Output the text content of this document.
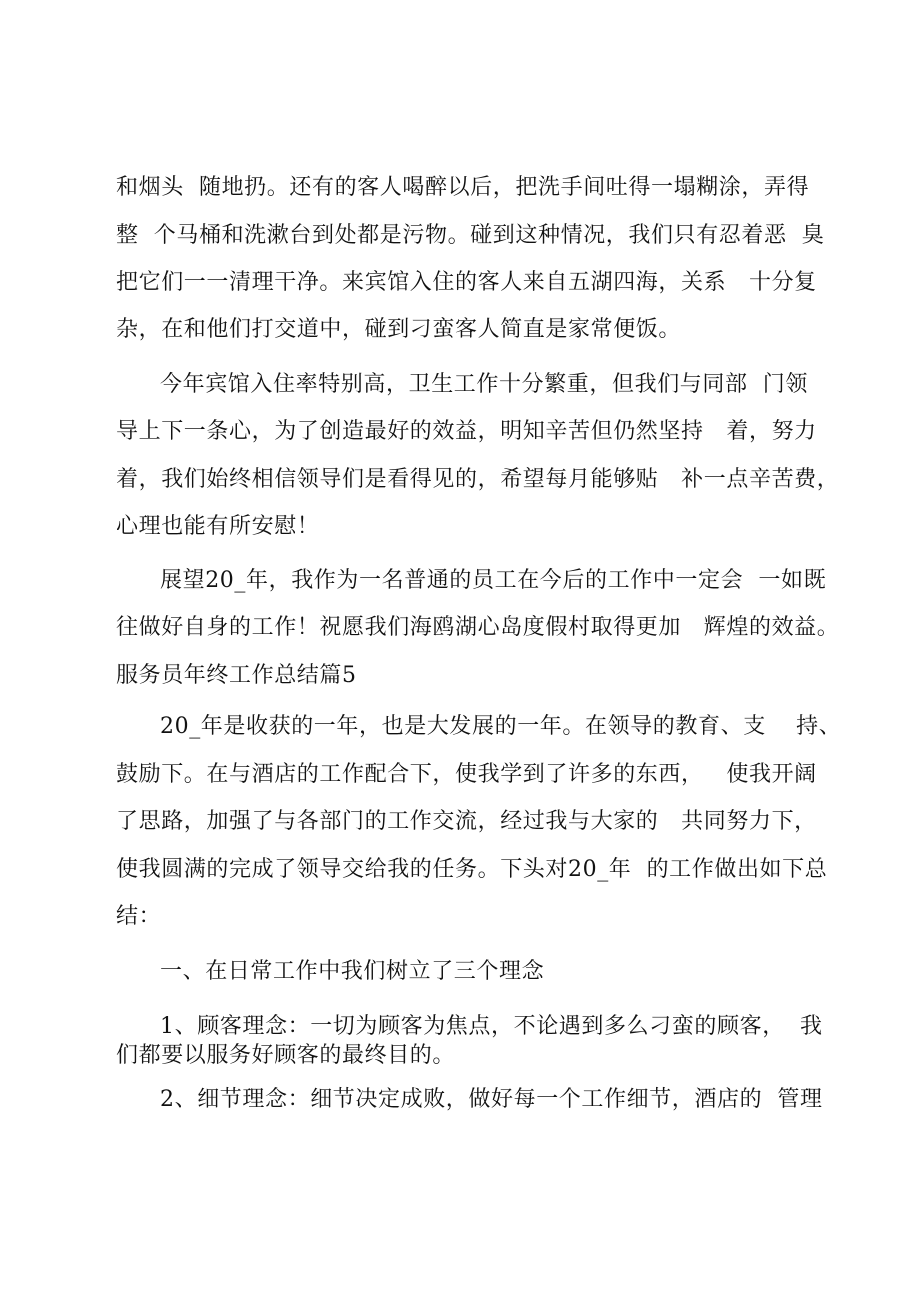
和烟头  随地扔。还有的客人喝醉以后，把洗手间吐得一塌糊涂，弄得
整  个马桶和洗漱台到处都是污物。碰到这种情况，我们只有忍着恶  臭
把它们一一清理干净。来宾馆入住的客人来自五湖四海，关系   十分复
杂，在和他们打交道中，碰到刁蛮客人简直是家常便饭。
今年宾馆入住率特别高，卫生工作十分繁重，但我们与同部  门领
导上下一条心，为了创造最好的效益，明知辛苦但仍然坚持   着，努力
着，我们始终相信领导们是看得见的，希望每月能够贴   补一点辛苦费，
心理也能有所安慰！
展望20_年，我作为一名普通的员工在今后的工作中一定会  一如既
往做好自身的工作！祝愿我们海鸥湖心岛度假村取得更加   辉煌的效益。
服务员年终工作总结篇5
20_年是收获的一年，也是大发展的一年。在领导的教育、支    持、
鼓励下。在与酒店的工作配合下，使我学到了许多的东西，   使我开阔
了思路，加强了与各部门的工作交流，经过我与大家的   共同努力下，
使我圆满的完成了领导交给我的任务。下头对20_年  的工作做出如下总
结：
一、在日常工作中我们树立了三个理念
1、顾客理念：一切为顾客为焦点，不论遇到多么刁蛮的顾客，  我
们都要以服务好顾客的最终目的。
2、细节理念：细节决定成败，做好每一个工作细节，酒店的  管理
